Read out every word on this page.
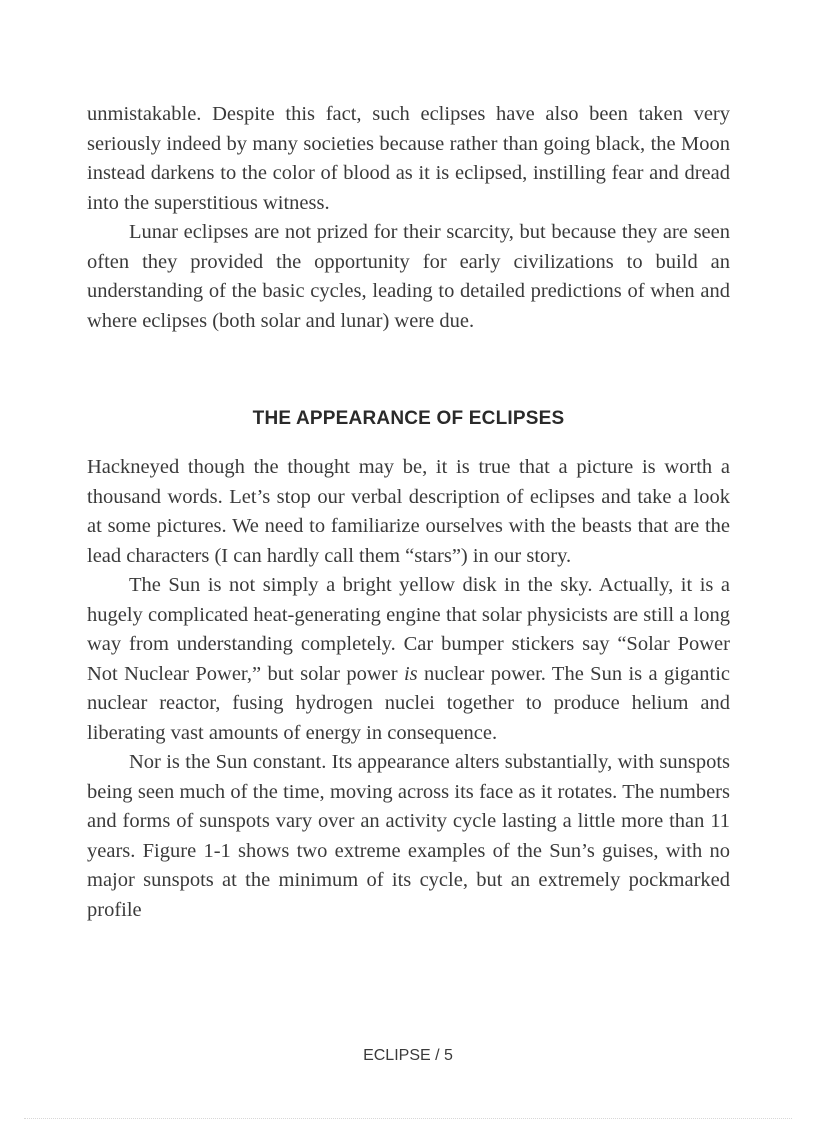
unmistakable. Despite this fact, such eclipses have also been taken very seriously indeed by many societies because rather than going black, the Moon instead darkens to the color of blood as it is eclipsed, instilling fear and dread into the superstitious witness.

Lunar eclipses are not prized for their scarcity, but because they are seen often they provided the opportunity for early civilizations to build an understanding of the basic cycles, leading to detailed predictions of when and where eclipses (both solar and lunar) were due.

THE APPEARANCE OF ECLIPSES

Hackneyed though the thought may be, it is true that a picture is worth a thousand words. Let’s stop our verbal description of eclipses and take a look at some pictures. We need to familiarize ourselves with the beasts that are the lead characters (I can hardly call them “stars”) in our story.

The Sun is not simply a bright yellow disk in the sky. Actually, it is a hugely complicated heat-generating engine that solar physicists are still a long way from understanding completely. Car bumper stickers say “Solar Power Not Nuclear Power,” but solar power is nuclear power. The Sun is a gigantic nuclear reactor, fusing hydrogen nuclei together to produce helium and liberating vast amounts of energy in consequence.

Nor is the Sun constant. Its appearance alters substantially, with sunspots being seen much of the time, moving across its face as it rotates. The numbers and forms of sunspots vary over an activity cycle lasting a little more than 11 years. Figure 1-1 shows two extreme examples of the Sun’s guises, with no major sunspots at the minimum of its cycle, but an extremely pockmarked profile

ECLIPSE / 5
